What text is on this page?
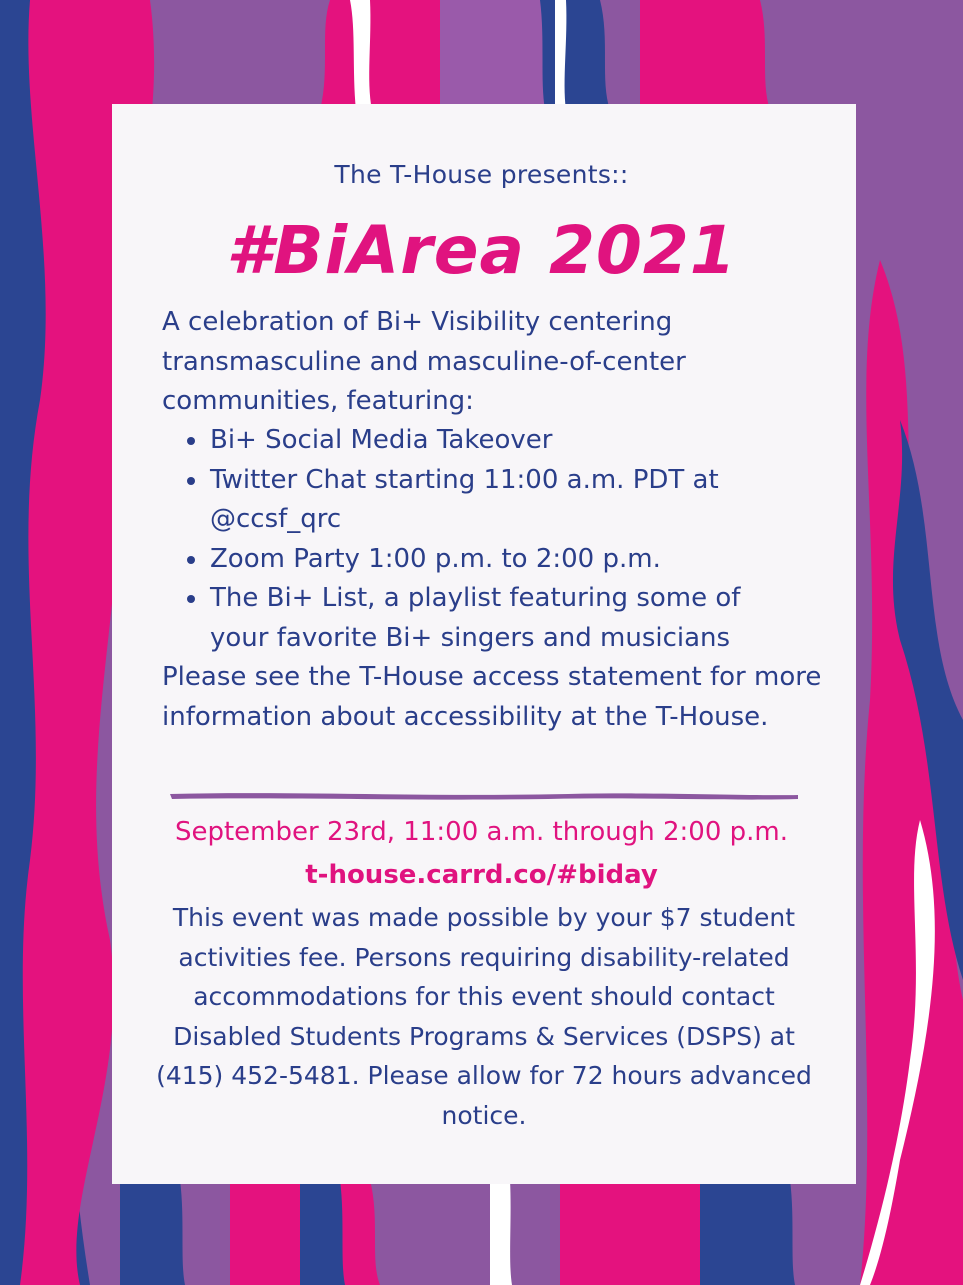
The T-House presents::
#BiArea 2021
A celebration of Bi+ Visibility centering transmasculine and masculine-of-center communities, featuring:
Bi+ Social Media Takeover
Twitter Chat starting 11:00 a.m. PDT at @ccsf_qrc
Zoom Party 1:00 p.m. to 2:00 p.m.
The Bi+ List, a playlist featuring some of your favorite Bi+ singers and musicians
Please see the T-House access statement for more information about accessibility at the T-House.
September 23rd, 11:00 a.m. through 2:00 p.m.
t-house.carrd.co/#biday
This event was made possible by your $7 student activities fee. Persons requiring disability-related accommodations for this event should contact Disabled Students Programs & Services (DSPS) at (415) 452-5481. Please allow for 72 hours advanced notice.
